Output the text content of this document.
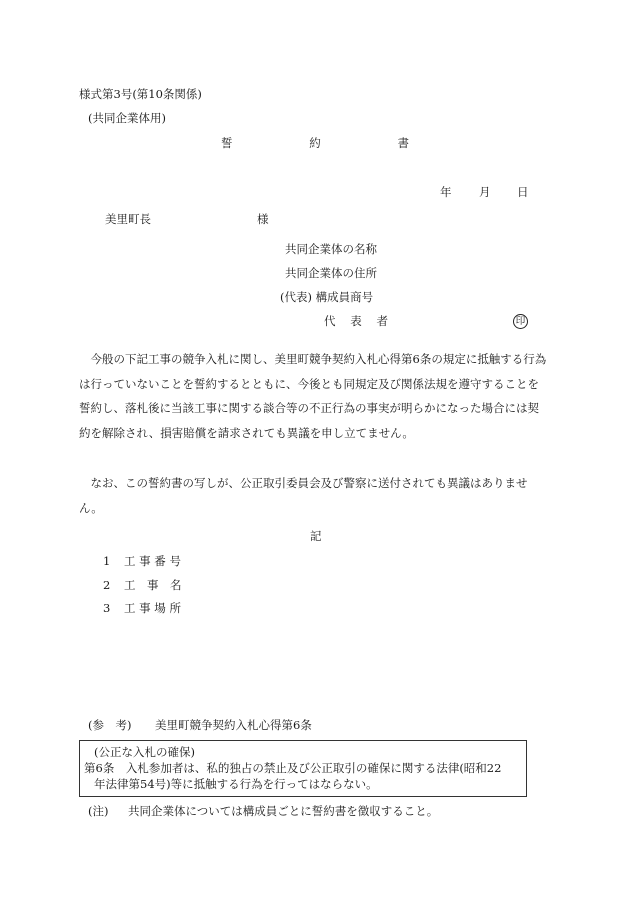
様式第3号(第10条関係)
(共同企業体用)
誓	約	書
年 月 日
美里町長	様
共同企業体の名称
共同企業体の住所
(代表) 構成員商号
代 表 者	印

　今般の下記工事の競争入札に関し、美里町競争契約入札心得第6条の規定に抵触する行為は行っていないことを誓約するとともに、今後とも同規定及び関係法規を遵守することを誓約し、落札後に当該工事に関する談合等の不正行為の事実が明らかになった場合には契約を解除され、損害賠償を請求されても異議を申し立てません。

　なお、この誓約書の写しが、公正取引委員会及び警察に送付されても異議はありません。

記
1 工 事 番 号
2 工　事　名
3 工 事 場 所
(参　考) 美里町競争契約入札心得第6条
(公正な入札の確保)
第6条　入札参加者は、私的独占の禁止及び公正取引の確保に関する法律(昭和22
年法律第54号)等に抵触する行為を行ってはならない。
(注) 共同企業体については構成員ごとに誓約書を徴収すること。
